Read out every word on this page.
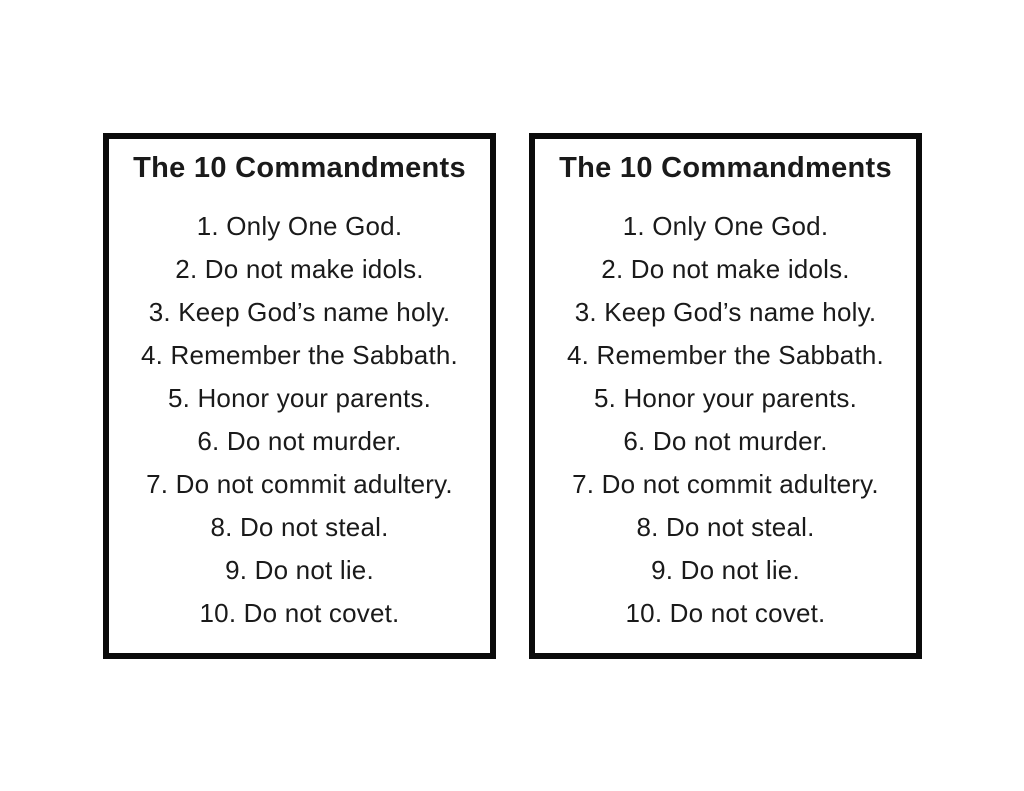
The 10 Commandments
1. Only One God.
2. Do not make idols.
3. Keep God’s name holy.
4. Remember the Sabbath.
5. Honor your parents.
6. Do not murder.
7. Do not commit adultery.
8. Do not steal.
9. Do not lie.
10. Do not covet.
The 10 Commandments
1. Only One God.
2. Do not make idols.
3. Keep God’s name holy.
4. Remember the Sabbath.
5. Honor your parents.
6. Do not murder.
7. Do not commit adultery.
8. Do not steal.
9. Do not lie.
10. Do not covet.
